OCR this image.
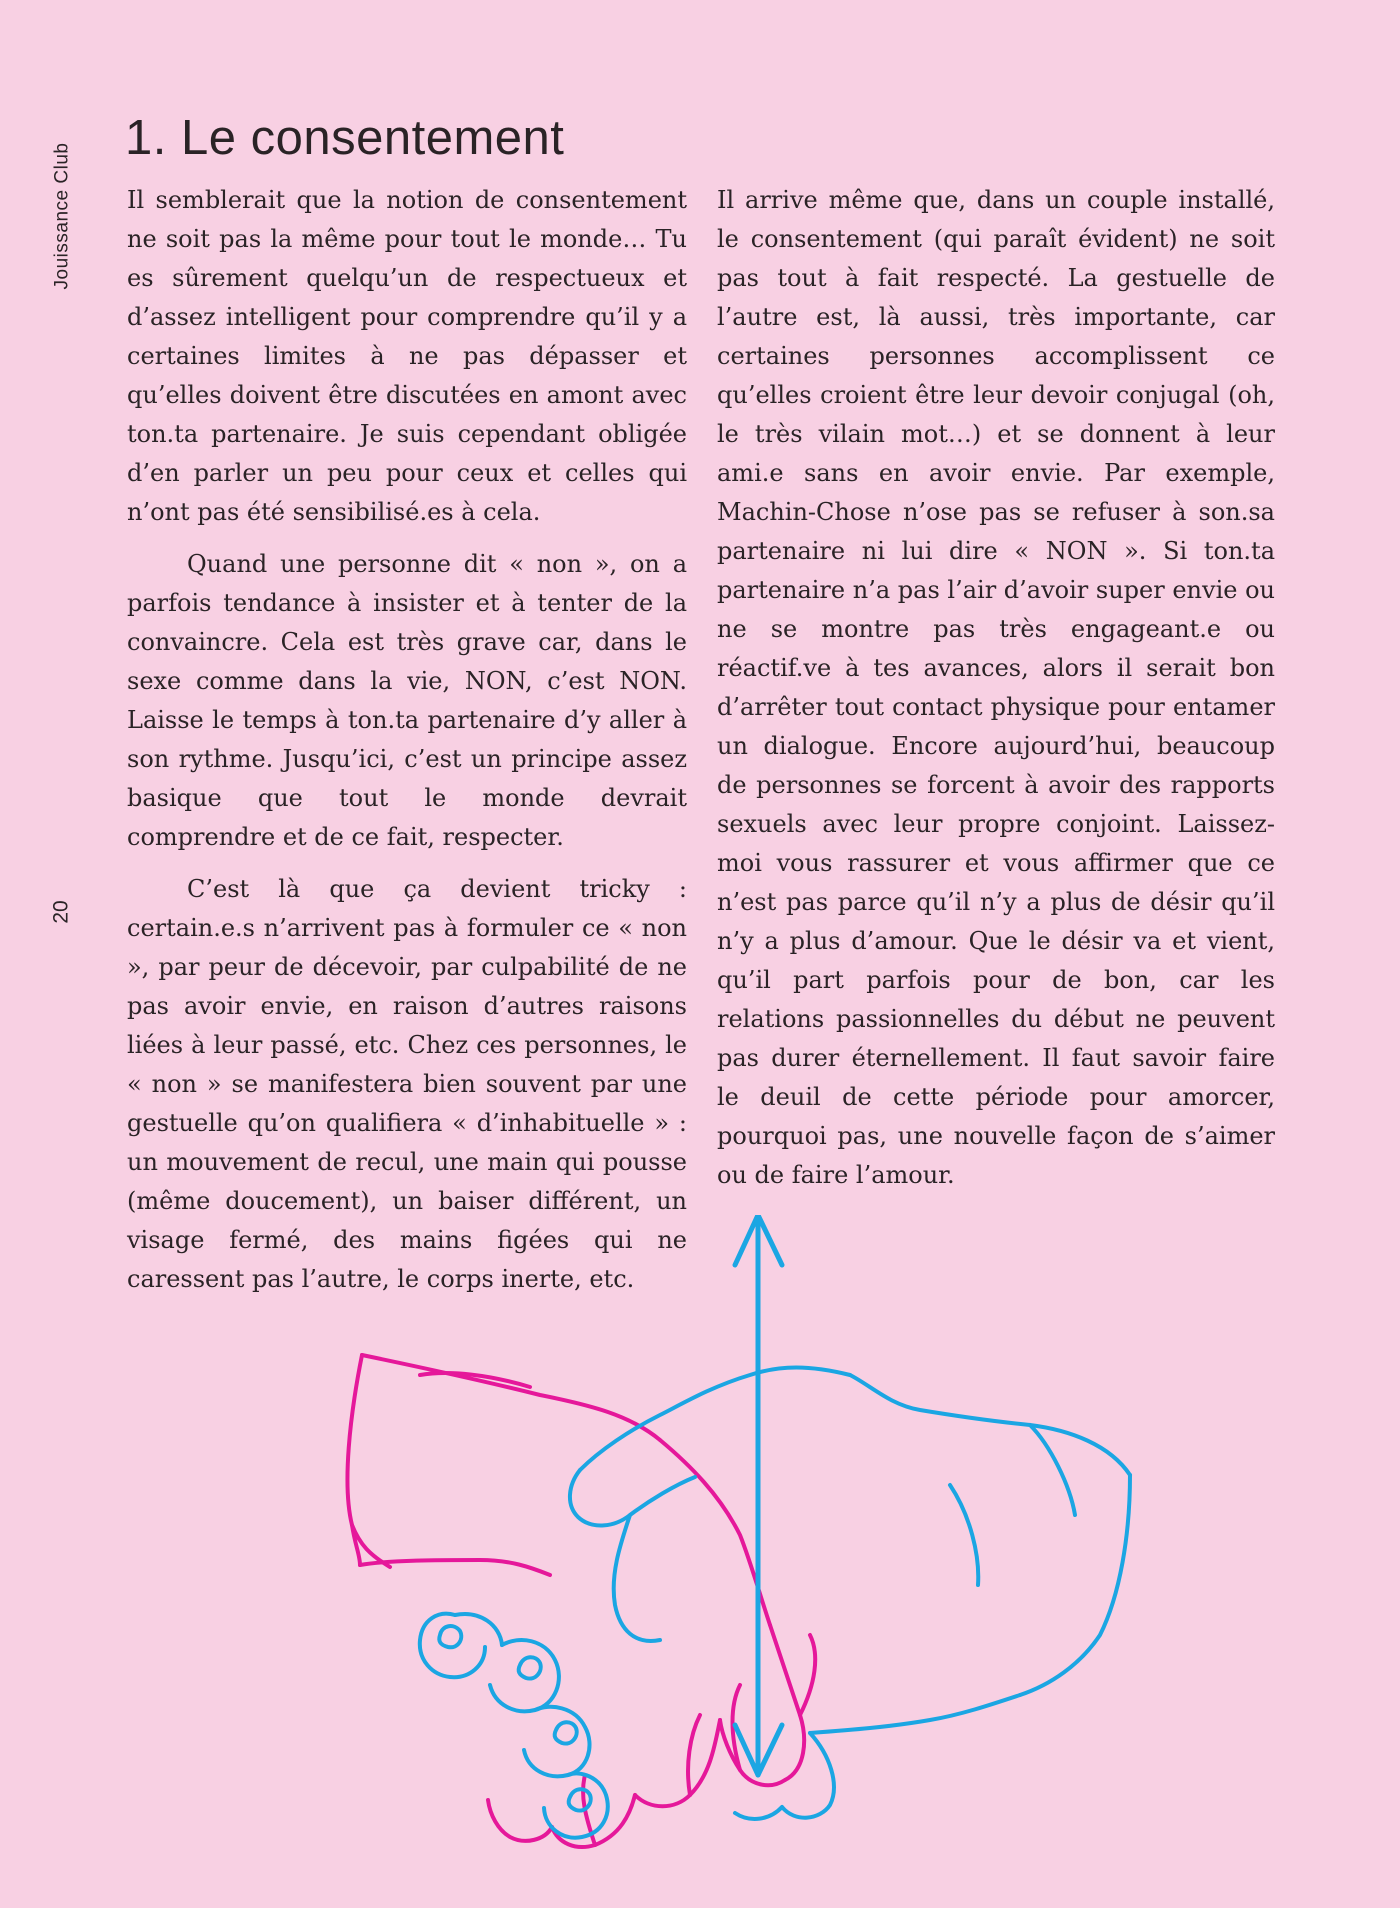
Jouissance Club
20
1. Le consentement

Il semblerait que la notion de consentement ne soit pas la même pour tout le monde… Tu es sûrement quelqu’un de respectueux et d’assez intelligent pour comprendre qu’il y a certaines limites à ne pas dépasser et qu’elles doivent être discutées en amont avec ton.ta partenaire. Je suis cependant obligée d’en parler un peu pour ceux et celles qui n’ont pas été sensibilisé.es à cela.

Quand une personne dit « non », on a parfois tendance à insister et à tenter de la convaincre. Cela est très grave car, dans le sexe comme dans la vie, NON, c’est NON. Laisse le temps à ton.ta partenaire d’y aller à son rythme. Jusqu’ici, c’est un principe assez basique que tout le monde devrait comprendre et de ce fait, respecter.

C’est là que ça devient tricky : certain.e.s n’arrivent pas à formuler ce « non », par peur de décevoir, par culpabilité de ne pas avoir envie, en raison d’autres raisons liées à leur passé, etc. Chez ces personnes, le « non » se manifestera bien souvent par une gestuelle qu’on qualifiera « d’inhabituelle » : un mouvement de recul, une main qui pousse (même doucement), un baiser différent, un visage fermé, des mains figées qui ne caressent pas l’autre, le corps inerte, etc.

Il arrive même que, dans un couple installé, le consentement (qui paraît évident) ne soit pas tout à fait respecté. La gestuelle de l’autre est, là aussi, très importante, car certaines personnes accomplissent ce qu’elles croient être leur devoir conjugal (oh, le très vilain mot…) et se donnent à leur ami.e sans en avoir envie. Par exemple, Machin-Chose n’ose pas se refuser à son.sa partenaire ni lui dire « NON ». Si ton.ta partenaire n’a pas l’air d’avoir super envie ou ne se montre pas très engageant.e ou réactif.ve à tes avances, alors il serait bon d’arrêter tout contact physique pour entamer un dialogue. Encore aujourd’hui, beaucoup de personnes se forcent à avoir des rapports sexuels avec leur propre conjoint. Laissez-moi vous rassurer et vous affirmer que ce n’est pas parce qu’il n’y a plus de désir qu’il n’y a plus d’amour. Que le désir va et vient, qu’il part parfois pour de bon, car les relations passionnelles du début ne peuvent pas durer éternellement. Il faut savoir faire le deuil de cette période pour amorcer, pourquoi pas, une nouvelle façon de s’aimer ou de faire l’amour.
